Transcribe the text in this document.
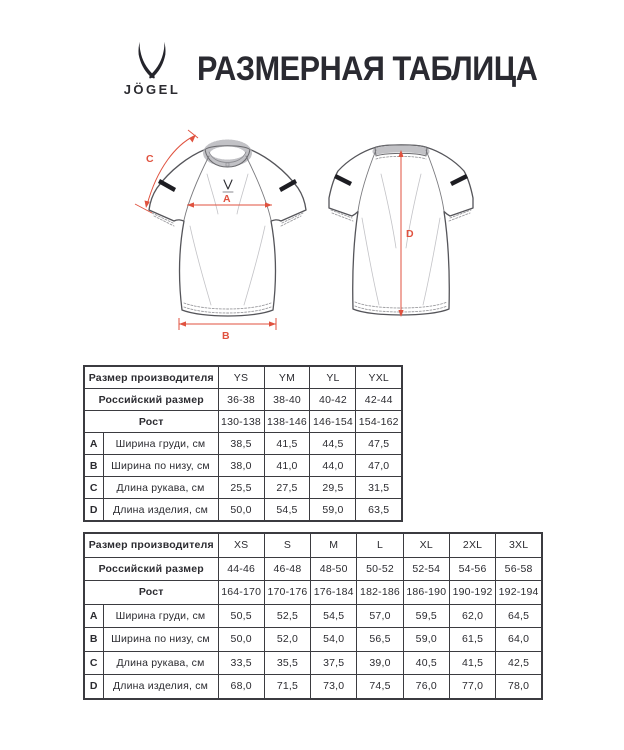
JÖGEL
РАЗМЕРНАЯ ТАБЛИЦА
A
B
C
D
Размер производителя		YS	YM	YL	YXL
Российский размер		36-38	38-40	40-42	42-44
Рост		130-138	138-146	146-154	154-162
A	Ширина груди, см	38,5	41,5	44,5	47,5
B	Ширина по низу, см	38,0	41,0	44,0	47,0
C	Длина рукава, см	25,5	27,5	29,5	31,5
D	Длина изделия, см	50,0	54,5	59,0	63,5
Размер производителя		XS	S	M	L	XL	2XL	3XL
Российский размер		44-46	46-48	48-50	50-52	52-54	54-56	56-58
Рост		164-170	170-176	176-184	182-186	186-190	190-192	192-194
A	Ширина груди, см	50,5	52,5	54,5	57,0	59,5	62,0	64,5
B	Ширина по низу, см	50,0	52,0	54,0	56,5	59,0	61,5	64,0
C	Длина рукава, см	33,5	35,5	37,5	39,0	40,5	41,5	42,5
D	Длина изделия, см	68,0	71,5	73,0	74,5	76,0	77,0	78,0
